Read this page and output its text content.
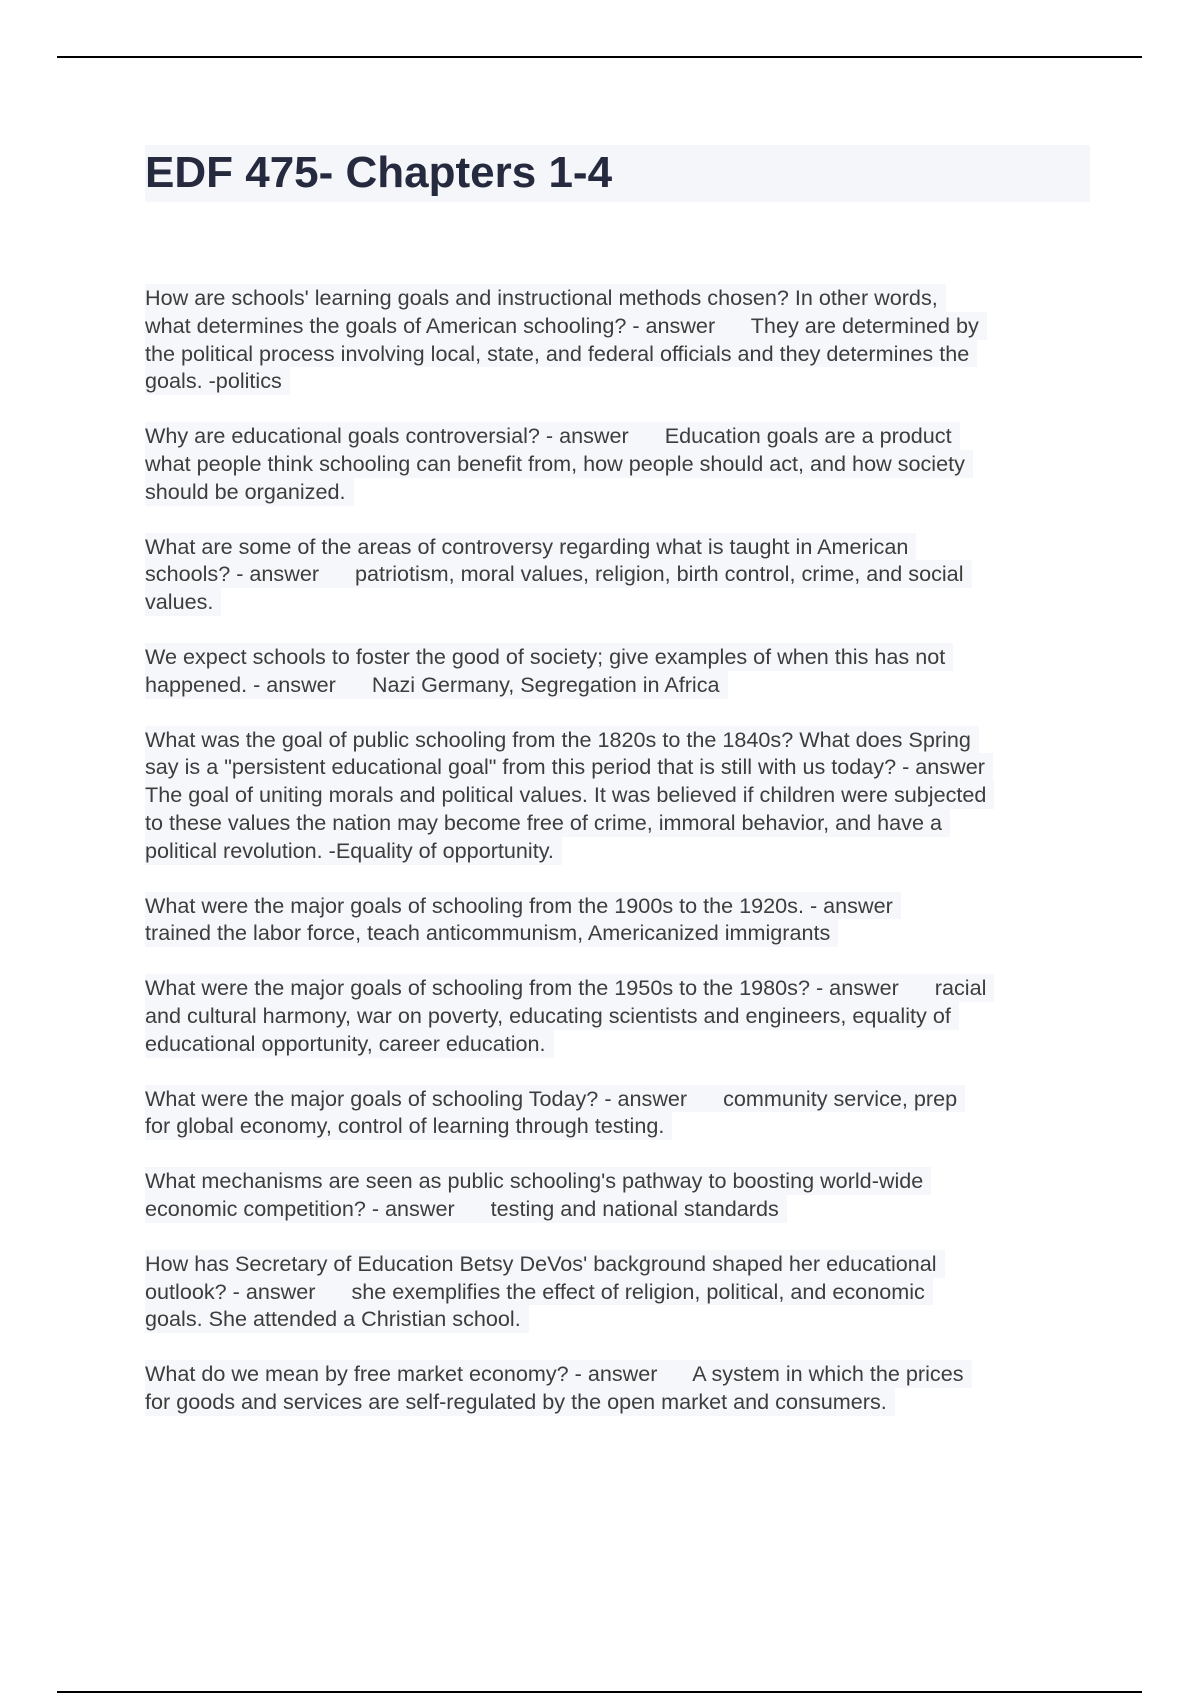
EDF 475- Chapters 1-4

How are schools' learning goals and instructional methods chosen? In other words,
what determines the goals of American schooling? - answer      They are determined by
the political process involving local, state, and federal officials and they determines the
goals. -politics

Why are educational goals controversial? - answer      Education goals are a product
what people think schooling can benefit from, how people should act, and how society
should be organized.

What are some of the areas of controversy regarding what is taught in American
schools? - answer      patriotism, moral values, religion, birth control, crime, and social
values.

We expect schools to foster the good of society; give examples of when this has not
happened. - answer      Nazi Germany, Segregation in Africa

What was the goal of public schooling from the 1820s to the 1840s? What does Spring
say is a "persistent educational goal" from this period that is still with us today? - answer
The goal of uniting morals and political values. It was believed if children were subjected
to these values the nation may become free of crime, immoral behavior, and have a
political revolution. -Equality of opportunity.

What were the major goals of schooling from the 1900s to the 1920s. - answer
trained the labor force, teach anticommunism, Americanized immigrants

What were the major goals of schooling from the 1950s to the 1980s? - answer      racial
and cultural harmony, war on poverty, educating scientists and engineers, equality of
educational opportunity, career education.

What were the major goals of schooling Today? - answer      community service, prep
for global economy, control of learning through testing.

What mechanisms are seen as public schooling's pathway to boosting world-wide
economic competition? - answer      testing and national standards

How has Secretary of Education Betsy DeVos' background shaped her educational
outlook? - answer      she exemplifies the effect of religion, political, and economic
goals. She attended a Christian school.

What do we mean by free market economy? - answer      A system in which the prices
for goods and services are self-regulated by the open market and consumers.
